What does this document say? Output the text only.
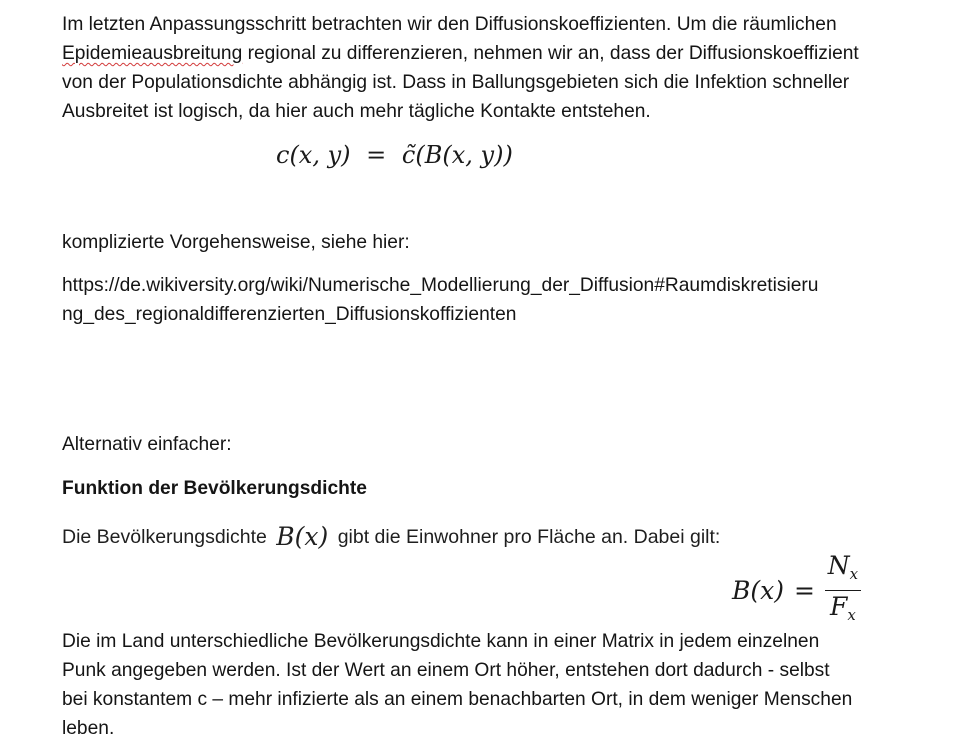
Im letzten Anpassungsschritt betrachten wir den Diffusionskoeffizienten. Um die räumlichen
Epidemieausbreitung regional zu differenzieren, nehmen wir an, dass der Diffusionskoeffizient
von der Populationsdichte abhängig ist. Dass in Ballungsgebieten sich die Infektion schneller
Ausbreitet ist logisch, da hier auch mehr tägliche Kontakte entstehen.
c(x, y) = c̃(B(x, y))
komplizierte Vorgehensweise, siehe hier:
https://de.wikiversity.org/wiki/Numerische_Modellierung_der_Diffusion#Raumdiskretisieru
ng_des_regionaldifferenzierten_Diffusionskoffizienten
Alternativ einfacher:
Funktion der Bevölkerungsdichte
Die Bevölkerungsdichte B(x) gibt die Einwohner pro Fläche an. Dabei gilt:
$B(x) = \frac{N_x}{F_x}$
Die im Land unterschiedliche Bevölkerungsdichte kann in einer Matrix in jedem einzelnen
Punk angegeben werden. Ist der Wert an einem Ort höher, entstehen dort dadurch - selbst
bei konstantem c – mehr infizierte als an einem benachbarten Ort, in dem weniger Menschen
leben.
